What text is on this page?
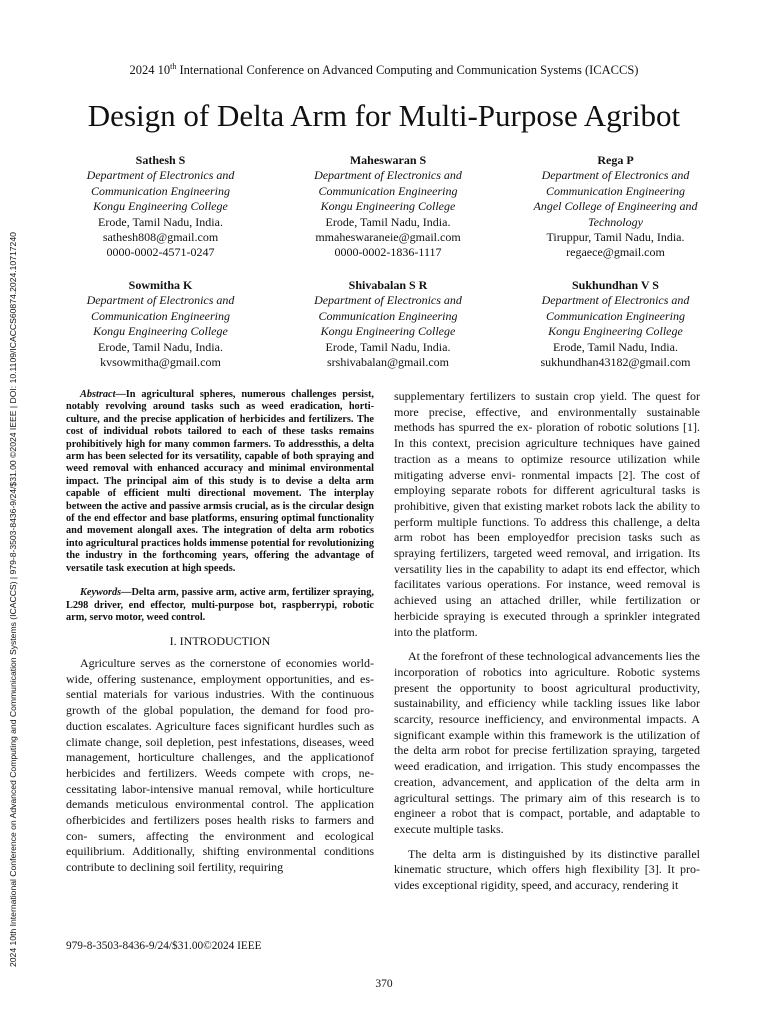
2024 10th International Conference on Advanced Computing and Communication Systems (ICACCS)
Design of Delta Arm for Multi-Purpose Agribot
2024 10th International Conference on Advanced Computing and Communication Systems (ICACCS) | 979-8-3503-8436-9/24/$31.00 ©2024 IEEE | DOI: 10.1109/ICACCS60874.2024.10717240
Sathesh S
Department of Electronics and
Communication Engineering
Kongu Engineering College
Erode, Tamil Nadu, India.
sathesh808@gmail.com
0000-0002-4571-0247
Maheswaran S
Department of Electronics and
Communication Engineering
Kongu Engineering College
Erode, Tamil Nadu, India.
mmaheswaraneie@gmail.com
0000-0002-1836-1117
Rega P
Department of Electronics and
Communication Engineering
Angel College of Engineering and
Technology
Tiruppur, Tamil Nadu, India.
regaece@gmail.com
Sowmitha K
Department of Electronics and
Communication Engineering
Kongu Engineering College
Erode, Tamil Nadu, India.
kvsowmitha@gmail.com
Shivabalan S R
Department of Electronics and
Communication Engineering
Kongu Engineering College
Erode, Tamil Nadu, India.
srshivabalan@gmail.com
Sukhundhan V S
Department of Electronics and
Communication Engineering
Kongu Engineering College
Erode, Tamil Nadu, India.
sukhundhan43182@gmail.com

Abstract—In agricultural spheres, numerous challenges persist, notably revolving around tasks such as weed eradication, horti- culture, and the precise application of herbicides and fertilizers. The cost of individual robots tailored to each of these tasks remains prohibitively high for many common farmers. To addressthis, a delta arm has been selected for its versatility, capable of both spraying and weed removal with enhanced accuracy and minimal environmental impact. The principal aim of this study is to devise a delta arm capable of efficient multi directional movement. The interplay between the active and passive armsis crucial, as is the circular design of the end effector and base platforms, ensuring optimal functionality and movement alongall axes. The integration of delta arm robotics into agricultural practices holds immense potential for revolutionizing the industry in the forthcoming years, offering the advantage of versatile task execution at high speeds.

Keywords—Delta arm, passive arm, active arm, fertilizer spraying, L298 driver, end effector, multi-purpose bot, raspberrypi, robotic arm, servo motor, weed control.

I. INTRODUCTION

Agriculture serves as the cornerstone of economies world- wide, offering sustenance, employment opportunities, and es- sential materials for various industries. With the continuous growth of the global population, the demand for food pro- duction escalates. Agriculture faces significant hurdles such as climate change, soil depletion, pest infestations, diseases, weed management, horticulture challenges, and the applicationof herbicides and fertilizers. Weeds compete with crops, ne- cessitating labor-intensive manual removal, while horticulture demands meticulous environmental control. The application ofherbicides and fertilizers poses health risks to farmers and con- sumers, affecting the environment and ecological equilibrium. Additionally, shifting environmental conditions contribute to declining soil fertility, requiring

supplementary fertilizers to sustain crop yield. The quest for more precise, effective, and environmentally sustainable methods has spurred the ex- ploration of robotic solutions [1]. In this context, precision agriculture techniques have gained traction as a means to optimize resource utilization while mitigating adverse envi- ronmental impacts [2]. The cost of employing separate robots for different agricultural tasks is prohibitive, given that existing market robots lack the ability to perform multiple functions. To address this challenge, a delta arm robot has been employedfor precision tasks such as spraying fertilizers, targeted weed removal, and irrigation. Its versatility lies in the capability to adapt its end effector, which facilitates various operations. For instance, weed removal is achieved using an attached driller, while fertilization or herbicide spraying is executed through a sprinkler integrated into the platform.

At the forefront of these technological advancements lies the incorporation of robotics into agriculture. Robotic systems present the opportunity to boost agricultural productivity, sustainability, and efficiency while tackling issues like labor scarcity, resource inefficiency, and environmental impacts. A significant example within this framework is the utilization of the delta arm robot for precise fertilization spraying, targeted weed eradication, and irrigation. This study encompasses the creation, advancement, and application of the delta arm in agricultural settings. The primary aim of this research is to engineer a robot that is compact, portable, and adaptable to execute multiple tasks.

The delta arm is distinguished by its distinctive parallel kinematic structure, which offers high flexibility [3]. It pro- vides exceptional rigidity, speed, and accuracy, rendering it

979-8-3503-8436-9/24/$31.00©2024 IEEE
370
